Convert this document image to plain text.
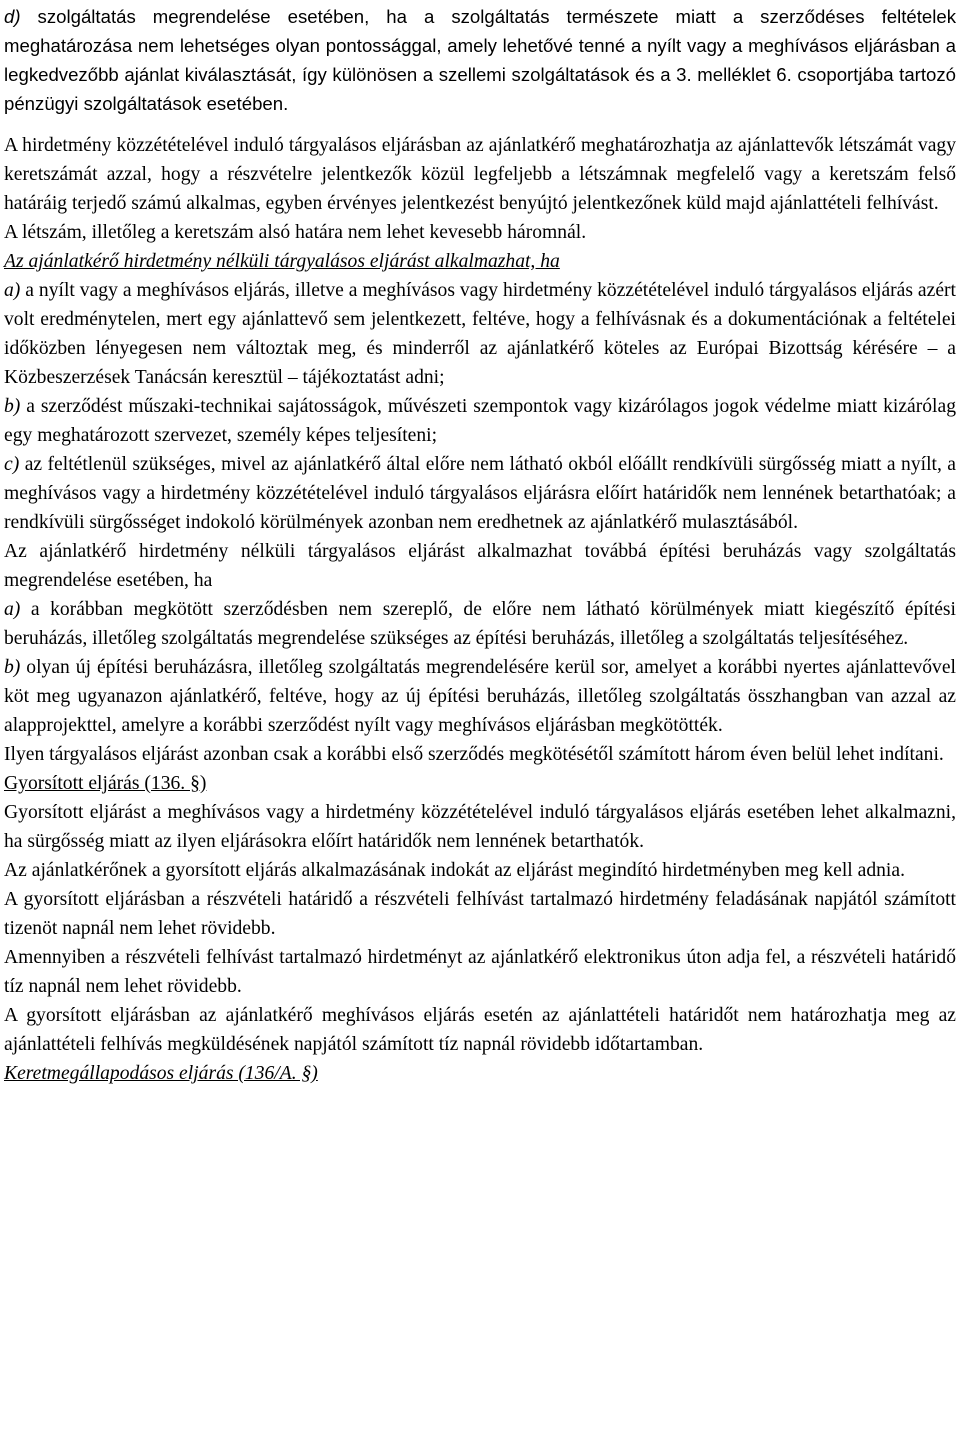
d) szolgáltatás megrendelése esetében, ha a szolgáltatás természete miatt a szerződéses feltételek meghatározása nem lehetséges olyan pontossággal, amely lehetővé tenné a nyílt vagy a meghívásos eljárásban a legkedvezőbb ajánlat kiválasztását, így különösen a szellemi szolgáltatások és a 3. melléklet 6. csoportjába tartozó pénzügyi szolgáltatások esetében.

A hirdetmény közzétételével induló tárgyalásos eljárásban az ajánlatkérő meghatározhatja az ajánlattevők létszámát vagy keretszámát azzal, hogy a részvételre jelentkezők közül legfeljebb a létszámnak megfelelő vagy a keretszám felső határáig terjedő számú alkalmas, egyben érvényes jelentkezést benyújtó jelentkezőnek küld majd ajánlattételi felhívást.

A létszám, illetőleg a keretszám alsó határa nem lehet kevesebb háromnál.

Az ajánlatkérő hirdetmény nélküli tárgyalásos eljárást alkalmazhat, ha

a) a nyílt vagy a meghívásos eljárás, illetve a meghívásos vagy hirdetmény közzétételével induló tárgyalásos eljárás azért volt eredménytelen, mert egy ajánlattevő sem jelentkezett, feltéve, hogy a felhívásnak és a dokumentációnak a feltételei időközben lényegesen nem változtak meg, és minderről az ajánlatkérő köteles az Európai Bizottság kérésére – a Közbeszerzések Tanácsán keresztül – tájékoztatást adni;

b) a szerződést műszaki-technikai sajátosságok, művészeti szempontok vagy kizárólagos jogok védelme miatt kizárólag egy meghatározott szervezet, személy képes teljesíteni;

c) az feltétlenül szükséges, mivel az ajánlatkérő által előre nem látható okból előállt rendkívüli sürgősség miatt a nyílt, a meghívásos vagy a hirdetmény közzétételével induló tárgyalásos eljárásra előírt határidők nem lennének betarthatóak; a rendkívüli sürgősséget indokoló körülmények azonban nem eredhetnek az ajánlatkérő mulasztásából.

Az ajánlatkérő hirdetmény nélküli tárgyalásos eljárást alkalmazhat továbbá építési beruházás vagy szolgáltatás megrendelése esetében, ha

a) a korábban megkötött szerződésben nem szereplő, de előre nem látható körülmények miatt kiegészítő építési beruházás, illetőleg szolgáltatás megrendelése szükséges az építési beruházás, illetőleg a szolgáltatás teljesítéséhez.

b) olyan új építési beruházásra, illetőleg szolgáltatás megrendelésére kerül sor, amelyet a korábbi nyertes ajánlattevővel köt meg ugyanazon ajánlatkérő, feltéve, hogy az új építési beruházás, illetőleg szolgáltatás összhangban van azzal az alapprojekttel, amelyre a korábbi szerződést nyílt vagy meghívásos eljárásban megkötötték.

Ilyen tárgyalásos eljárást azonban csak a korábbi első szerződés megkötésétől számított három éven belül lehet indítani.

Gyorsított eljárás (136. §)

Gyorsított eljárást a meghívásos vagy a hirdetmény közzétételével induló tárgyalásos eljárás esetében lehet alkalmazni, ha sürgősség miatt az ilyen eljárásokra előírt határidők nem lennének betarthatók.

Az ajánlatkérőnek a gyorsított eljárás alkalmazásának indokát az eljárást megindító hirdetményben meg kell adnia.

A gyorsított eljárásban a részvételi határidő a részvételi felhívást tartalmazó hirdetmény feladásának napjától számított tizenöt napnál nem lehet rövidebb.

Amennyiben a részvételi felhívást tartalmazó hirdetményt az ajánlatkérő elektronikus úton adja fel, a részvételi határidő tíz napnál nem lehet rövidebb.

A gyorsított eljárásban az ajánlatkérő meghívásos eljárás esetén az ajánlattételi határidőt nem határozhatja meg az ajánlattételi felhívás megküldésének napjától számított tíz napnál rövidebb időtartamban.

Keretmegállapodásos eljárás (136/A. §)
